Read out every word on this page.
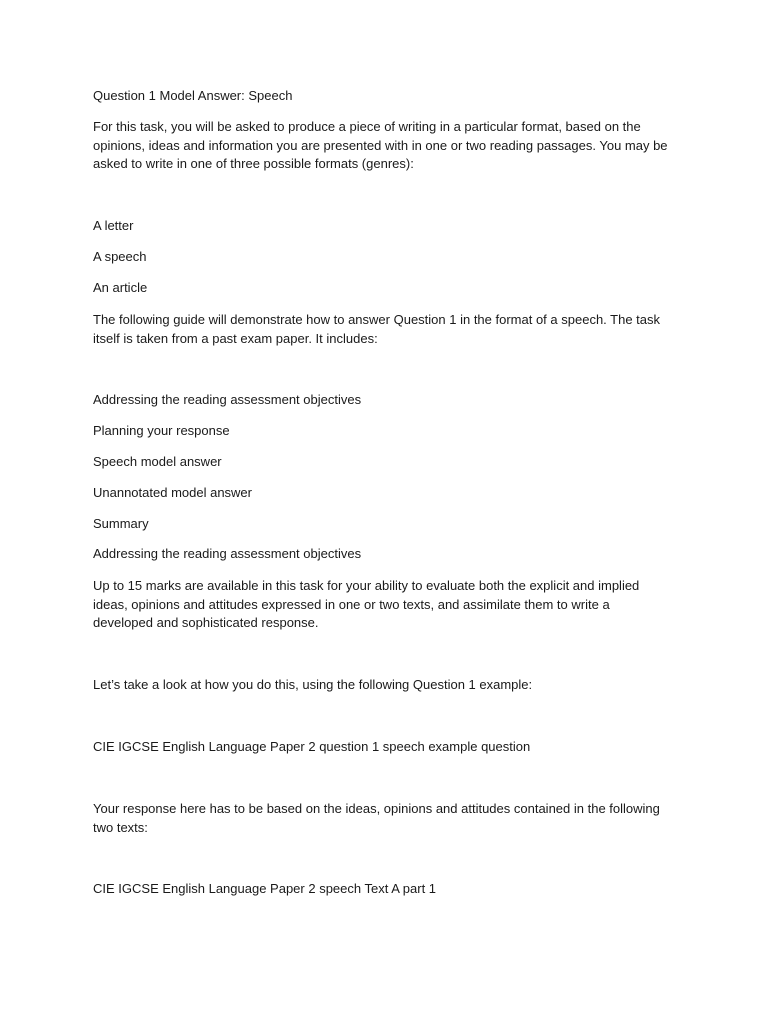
Question 1 Model Answer: Speech

For this task, you will be asked to produce a piece of writing in a particular format, based on the opinions, ideas and information you are presented with in one or two reading passages. You may be asked to write in one of three possible formats (genres):

A letter

A speech

An article

The following guide will demonstrate how to answer Question 1 in the format of a speech. The task itself is taken from a past exam paper. It includes:

Addressing the reading assessment objectives

Planning your response

Speech model answer

Unannotated model answer

Summary

Addressing the reading assessment objectives

Up to 15 marks are available in this task for your ability to evaluate both the explicit and implied ideas, opinions and attitudes expressed in one or two texts, and assimilate them to write a developed and sophisticated response.

Let’s take a look at how you do this, using the following Question 1 example:

CIE IGCSE English Language Paper 2 question 1 speech example question

Your response here has to be based on the ideas, opinions and attitudes contained in the following two texts:

CIE IGCSE English Language Paper 2 speech Text A part 1
